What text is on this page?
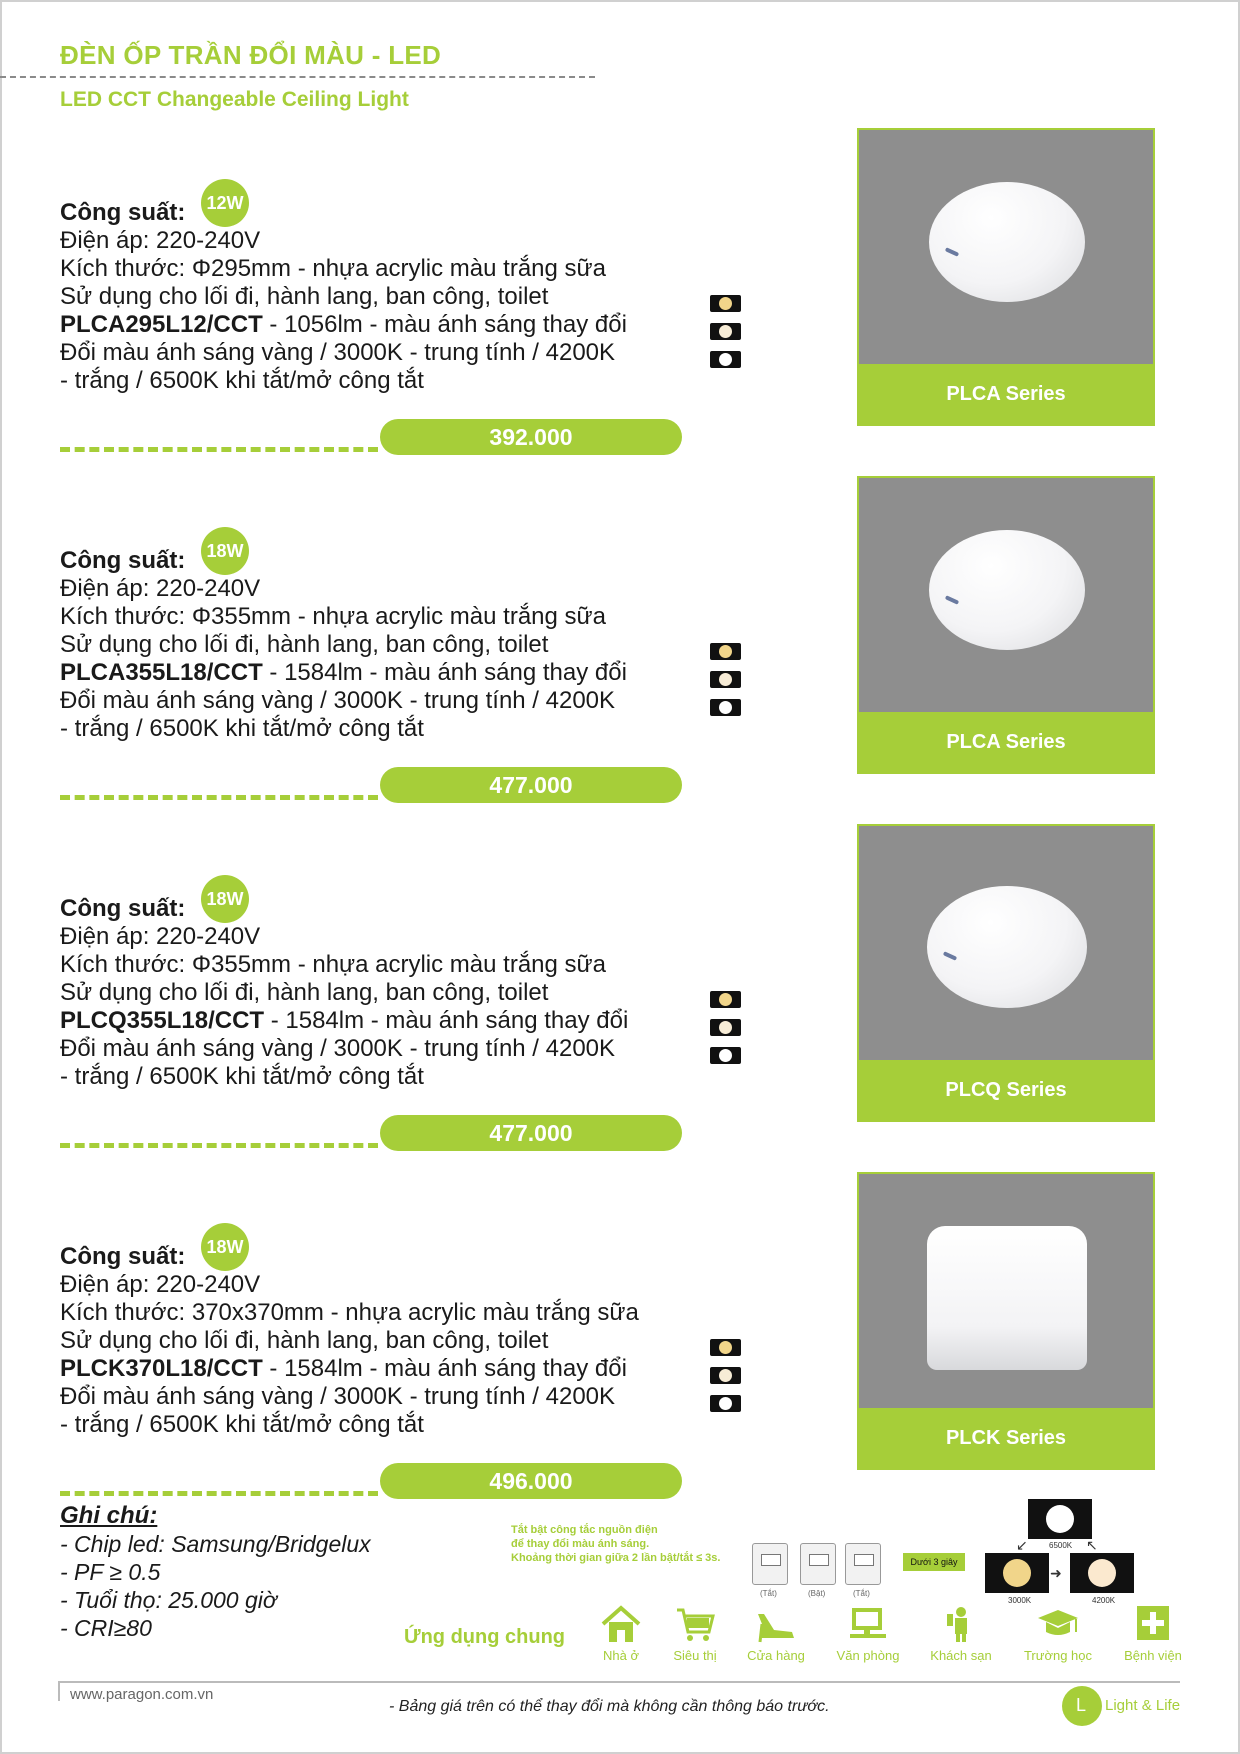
ĐÈN ỐP TRẦN ĐỔI MÀU - LED
LED CCT Changeable Ceiling Light
Công suất:
Điện áp: 220-240V
Kích thước: Φ295mm - nhựa acrylic màu trắng sữa
Sử dụng cho lối đi, hành lang, ban công, toilet
PLCA295L12/CCT - 1056lm - màu ánh sáng thay đổi
Đổi màu ánh sáng vàng / 3000K - trung tính / 4200K
- trắng / 6500K khi tắt/mở công tắt
12W
392.000
PLCA Series
Công suất:
Điện áp: 220-240V
Kích thước: Φ355mm - nhựa acrylic màu trắng sữa
Sử dụng cho lối đi, hành lang, ban công, toilet
PLCA355L18/CCT - 1584lm - màu ánh sáng thay đổi
Đổi màu ánh sáng vàng / 3000K - trung tính / 4200K
- trắng / 6500K khi tắt/mở công tắt
18W
477.000
PLCA Series
Công suất:
Điện áp: 220-240V
Kích thước: Φ355mm - nhựa acrylic màu trắng sữa
Sử dụng cho lối đi, hành lang, ban công, toilet
PLCQ355L18/CCT - 1584lm - màu ánh sáng thay đổi
Đổi màu ánh sáng vàng / 3000K - trung tính / 4200K
- trắng / 6500K khi tắt/mở công tắt
18W
477.000
PLCQ Series
Công suất:
Điện áp: 220-240V
Kích thước: 370x370mm - nhựa acrylic màu trắng sữa
Sử dụng cho lối đi, hành lang, ban công, toilet
PLCK370L18/CCT - 1584lm - màu ánh sáng thay đổi
Đổi màu ánh sáng vàng / 3000K - trung tính / 4200K
- trắng / 6500K khi tắt/mở công tắt
18W
496.000
PLCK Series
Ghi chú:
- Chip led: Samsung/Bridgelux
- PF ≥ 0.5
- Tuổi thọ: 25.000 giờ
- CRI≥80
Tắt bật công tắc nguồn điện
để thay đổi màu ánh sáng.
Khoảng thời gian giữa 2 lần bật/tắt ≤ 3s.
(Tắt)	(Bật)	(Tắt)
Dưới 3 giây
6500K
3000K	4200K
➜
↙	↖
Ứng dụng chung
Nhà ở	Siêu thị	Cửa hàng	Văn phòng	Khách sạn	Trường học	Bệnh viện
www.paragon.com.vn
- Bảng giá trên có thể thay đổi mà không cần thông báo trước.	L Light & Life
